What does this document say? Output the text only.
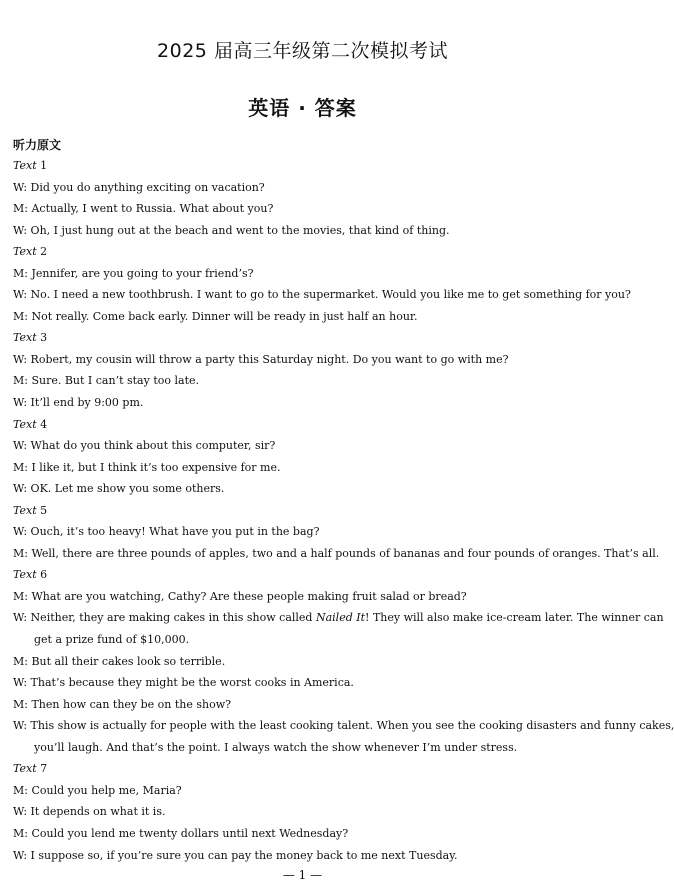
2025 届高三年级第二次模拟考试
英语 · 答案
听力原文
Text 1
W: Did you do anything exciting on vacation?
M: Actually, I went to Russia. What about you?
W: Oh, I just hung out at the beach and went to the movies, that kind of thing.
Text 2
M: Jennifer, are you going to your friend’s?
W: No. I need a new toothbrush. I want to go to the supermarket. Would you like me to get something for you?
M: Not really. Come back early. Dinner will be ready in just half an hour.
Text 3
W: Robert, my cousin will throw a party this Saturday night. Do you want to go with me?
M: Sure. But I can’t stay too late.
W: It’ll end by 9:00 pm.
Text 4
W: What do you think about this computer, sir?
M: I like it, but I think it’s too expensive for me.
W: OK. Let me show you some others.
Text 5
W: Ouch, it’s too heavy! What have you put in the bag?
M: Well, there are three pounds of apples, two and a half pounds of bananas and four pounds of oranges. That’s all.
Text 6
M: What are you watching, Cathy? Are these people making fruit salad or bread?
W: Neither, they are making cakes in this show called Nailed It! They will also make ice-cream later. The winner can
get a prize fund of $10,000.
M: But all their cakes look so terrible.
W: That’s because they might be the worst cooks in America.
M: Then how can they be on the show?
W: This show is actually for people with the least cooking talent. When you see the cooking disasters and funny cakes,
you’ll laugh. And that’s the point. I always watch the show whenever I’m under stress.
Text 7
M: Could you help me, Maria?
W: It depends on what it is.
M: Could you lend me twenty dollars until next Wednesday?
W: I suppose so, if you’re sure you can pay the money back to me next Tuesday.
— 1 —
